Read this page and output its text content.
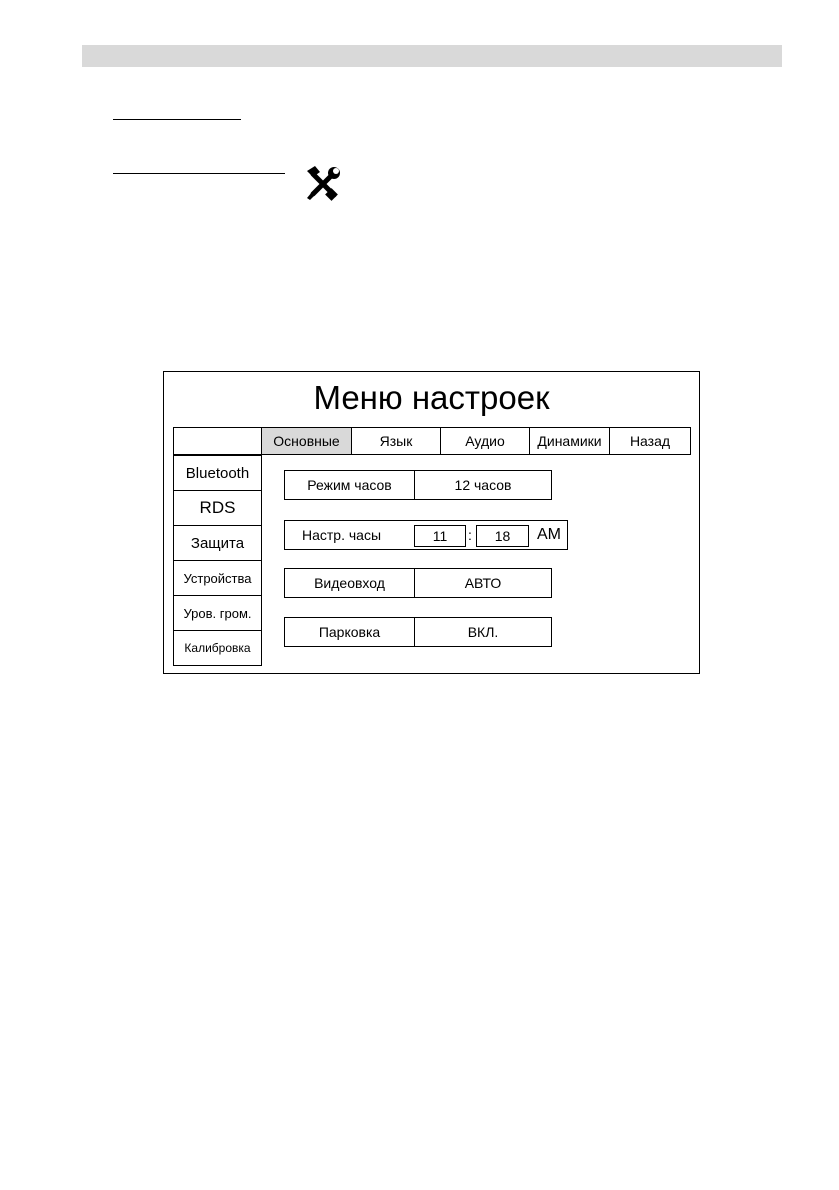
Меню настроек
Основные	Язык	Аудио	Динамики	Назад
Bluetooth
RDS
Защита
Устройства
Уров. гром.
Калибровка
Режим часов	12 часов
Настр. часы	11	:	18	AM
Видеовход	АВТО
Парковка	ВКЛ.
